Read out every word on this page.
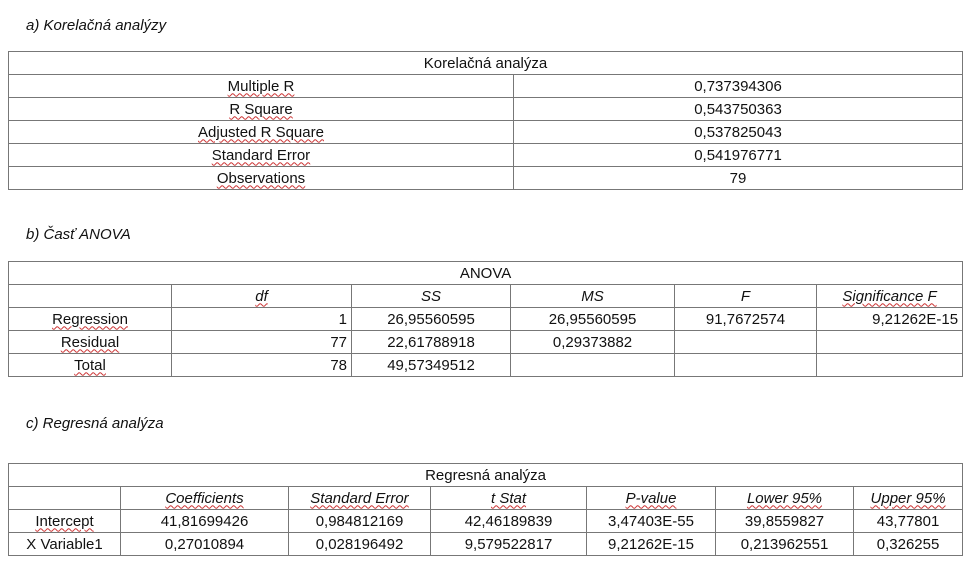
a) Korelačná analýzy
Korelačná analýza	
Multiple R	0,737394306
R Square	0,543750363
Adjusted R Square	0,537825043
Standard Error	0,541976771
Observations	79
b) Časť ANOVA
ANOVA					
	df	SS	MS	F	Significance F
Regression	1	26,95560595	26,95560595	91,7672574	9,21262E-15
Residual	77	22,61788918	0,29373882		
Total	78	49,57349512			
c) Regresná analýza
Regresná analýza						
	Coefficients	Standard Error	t Stat	P-value	Lower 95%	Upper 95%
Intercept	41,81699426	0,984812169	42,46189839	3,47403E-55	39,8559827	43,77801
X Variable1	0,27010894	0,028196492	9,579522817	9,21262E-15	0,213962551	0,326255
